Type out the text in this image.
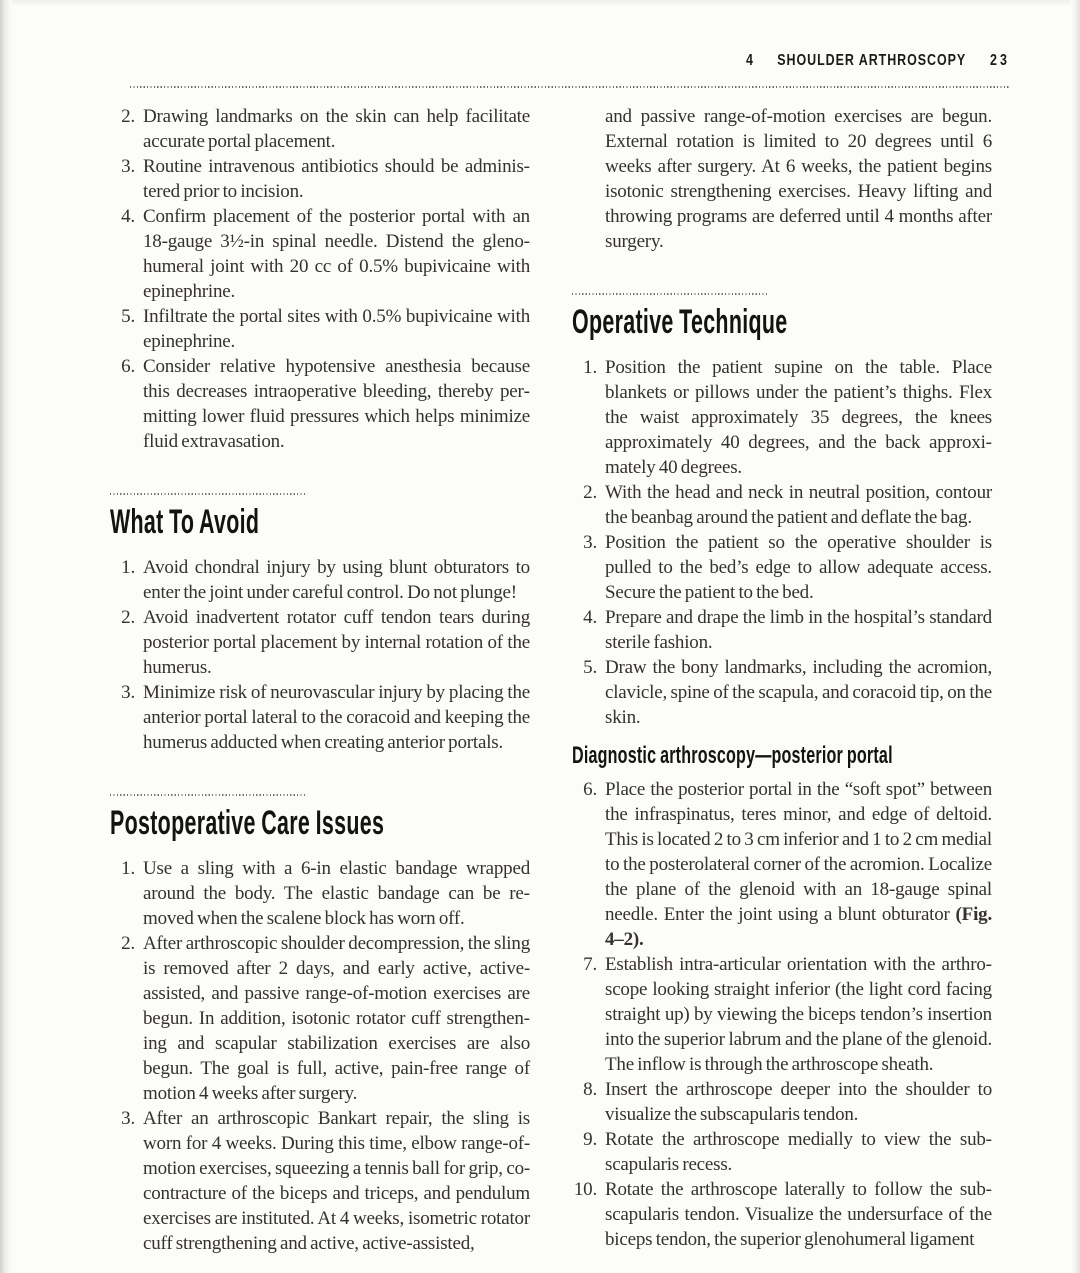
4 SHOULDER ARTHROSCOPY 23
2. Drawing landmarks on the skin can help facilitate accurate portal placement.
3. Routine intravenous antibiotics should be administered prior to incision.
4. Confirm placement of the posterior portal with an 18-gauge 3½-in spinal needle. Distend the glenohumeral joint with 20 cc of 0.5% bupivicaine with epinephrine.
5. Infiltrate the portal sites with 0.5% bupivicaine with epinephrine.
6. Consider relative hypotensive anesthesia because this decreases intraoperative bleeding, thereby permitting lower fluid pressures which helps minimize fluid extravasation.
What To Avoid
1. Avoid chondral injury by using blunt obturators to enter the joint under careful control. Do not plunge!
2. Avoid inadvertent rotator cuff tendon tears during posterior portal placement by internal rotation of the humerus.
3. Minimize risk of neurovascular injury by placing the anterior portal lateral to the coracoid and keeping the humerus adducted when creating anterior portals.
Postoperative Care Issues
1. Use a sling with a 6-in elastic bandage wrapped around the body. The elastic bandage can be removed when the scalene block has worn off.
2. After arthroscopic shoulder decompression, the sling is removed after 2 days, and early active, active-assisted, and passive range-of-motion exercises are begun. In addition, isotonic rotator cuff strengthening and scapular stabilization exercises are also begun. The goal is full, active, pain-free range of motion 4 weeks after surgery.
3. After an arthroscopic Bankart repair, the sling is worn for 4 weeks. During this time, elbow range-of-motion exercises, squeezing a tennis ball for grip, co-contracture of the biceps and triceps, and pendulum exercises are instituted. At 4 weeks, isometric rotator cuff strengthening and active, active-assisted,

and passive range-of-motion exercises are begun. External rotation is limited to 20 degrees until 6 weeks after surgery. At 6 weeks, the patient begins isotonic strengthening exercises. Heavy lifting and throwing programs are deferred until 4 months after surgery.

Operative Technique
1. Position the patient supine on the table. Place blankets or pillows under the patient’s thighs. Flex the waist approximately 35 degrees, the knees approximately 40 degrees, and the back approximately 40 degrees.
2. With the head and neck in neutral position, contour the beanbag around the patient and deflate the bag.
3. Position the patient so the operative shoulder is pulled to the bed’s edge to allow adequate access. Secure the patient to the bed.
4. Prepare and drape the limb in the hospital’s standard sterile fashion.
5. Draw the bony landmarks, including the acromion, clavicle, spine of the scapula, and coracoid tip, on the skin.
Diagnostic arthroscopy—posterior portal
6. Place the posterior portal in the “soft spot” between the infraspinatus, teres minor, and edge of deltoid. This is located 2 to 3 cm inferior and 1 to 2 cm medial to the posterolateral corner of the acromion. Localize the plane of the glenoid with an 18-gauge spinal needle. Enter the joint using a blunt obturator (Fig. 4–2).
7. Establish intra-articular orientation with the arthroscope looking straight inferior (the light cord facing straight up) by viewing the biceps tendon’s insertion into the superior labrum and the plane of the glenoid. The inflow is through the arthroscope sheath.
8. Insert the arthroscope deeper into the shoulder to visualize the subscapularis tendon.
9. Rotate the arthroscope medially to view the subscapularis recess.
10. Rotate the arthroscope laterally to follow the subscapularis tendon. Visualize the undersurface of the biceps tendon, the superior glenohumeral ligament
